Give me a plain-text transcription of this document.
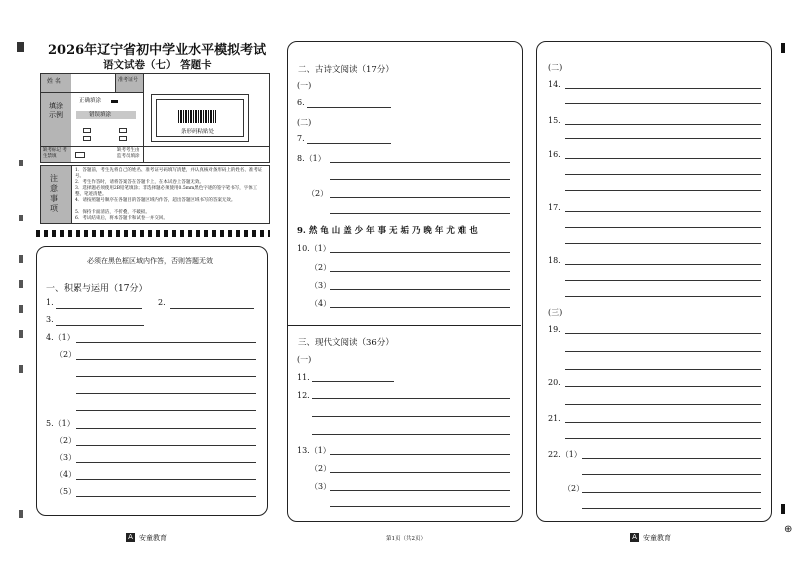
2026年辽宁省初中学业水平模拟考试
语文试卷（七） 答题卡
姓 名	准考证号
填涂示例
正确填涂
错误填涂
缺考标记 考生禁填
缺考考生由监考员填涂
条形码粘贴处
注意事项
1．答题前，考生先将自己的姓名、准考证号码填写清楚，并认真核对条形码上的姓名、准考证号。
2．考生作答时，请将答案答在答题卡上，在本试卷上答题无效。
3．选择题必须使用2B铅笔填涂；非选择题必须使用0.5mm黑色字迹的签字笔书写，字体工整、笔迹清楚。
4．请按照题号顺序在各题目的答题区域内作答，超出答题区域书写的答案无效。
5．保持卡面清洁，不折叠，不破损。
6．考试结束后，将本答题卡和试卷一并交回。
必须在黑色框区域内作答，否则答题无效
一、积累与运用（17分）
1.	2.
3.
4.（1）
（2）
5.（1）
（2）
（3）
（4）
（5）
二、古诗文阅读（17分）
(一)
6.
(二)
7.
8.（1）
（2）
9. 然 龟 山 盖 少 年 事 无 垢 乃 晚 年 尤 难 也
10.（1）
（2）
（3）
（4）
三、现代文阅读（36分）
(一)
11.
12.
13.（1）
（2）
（3）
(二)
14.
15.
16.
17.
18.
(三)
19.
20.
21.
22.（1）
（2）
⊕
A 安童教育	第1页（共2页）	A 安童教育
